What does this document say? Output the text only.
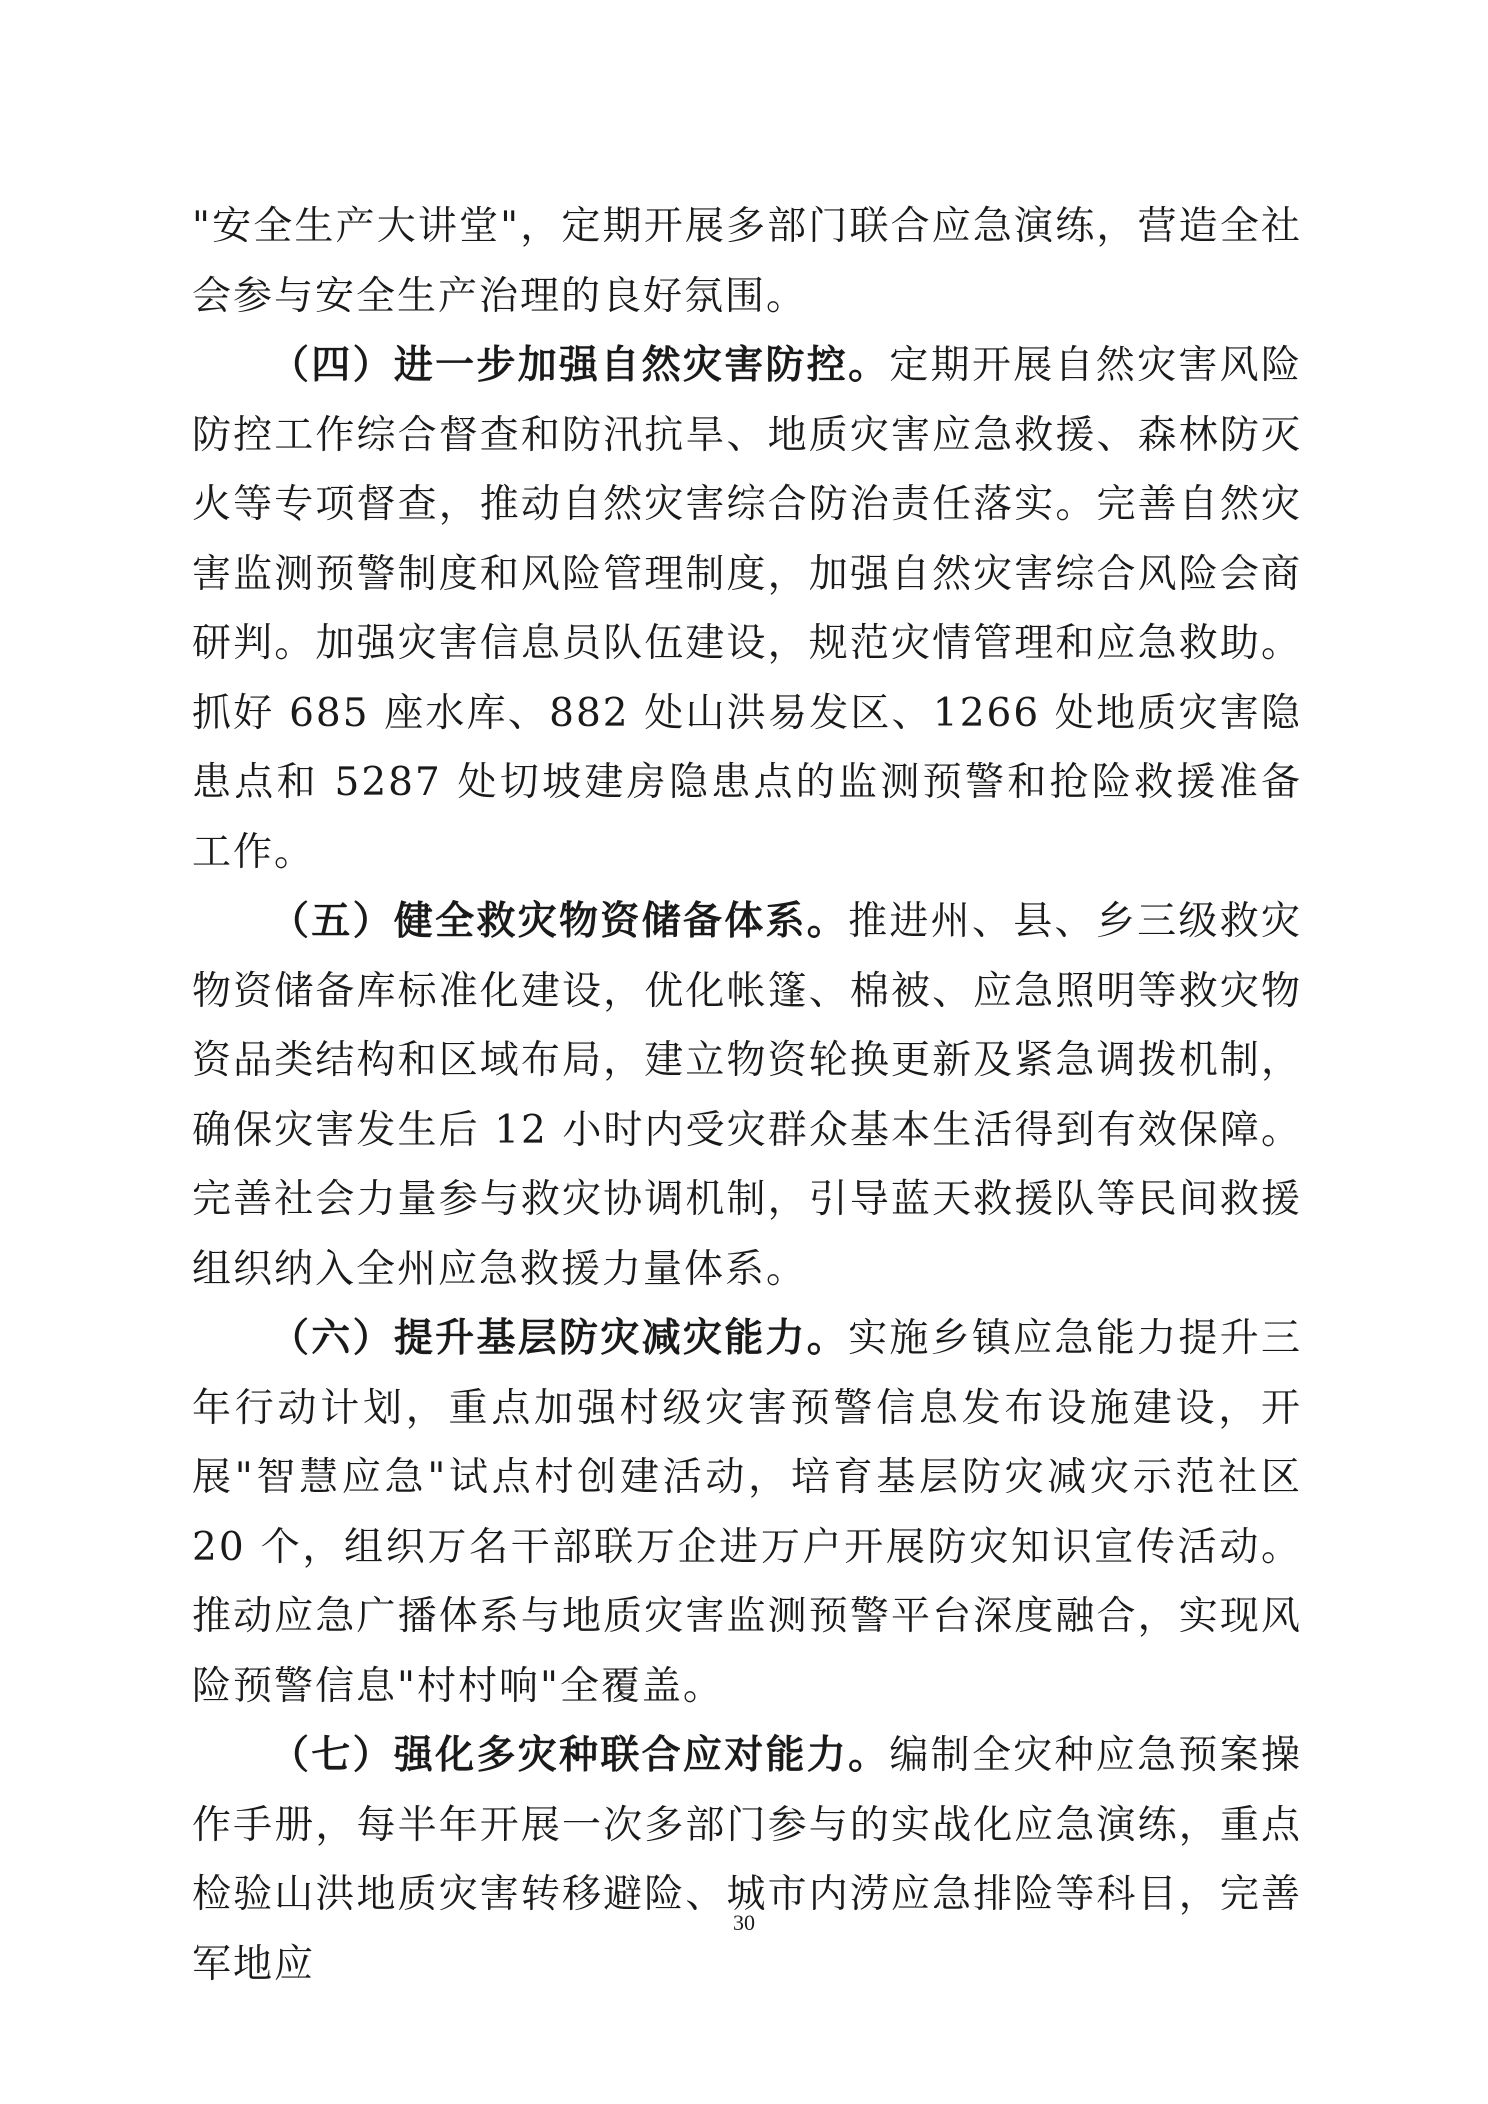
"安全生产大讲堂"，定期开展多部门联合应急演练，营造全社会参与安全生产治理的良好氛围。

（四）进一步加强自然灾害防控。定期开展自然灾害风险防控工作综合督查和防汛抗旱、地质灾害应急救援、森林防灭火等专项督查，推动自然灾害综合防治责任落实。完善自然灾害监测预警制度和风险管理制度，加强自然灾害综合风险会商研判。加强灾害信息员队伍建设，规范灾情管理和应急救助。抓好 685 座水库、882 处山洪易发区、1266 处地质灾害隐患点和 5287 处切坡建房隐患点的监测预警和抢险救援准备工作。

（五）健全救灾物资储备体系。推进州、县、乡三级救灾物资储备库标准化建设，优化帐篷、棉被、应急照明等救灾物资品类结构和区域布局，建立物资轮换更新及紧急调拨机制，确保灾害发生后 12 小时内受灾群众基本生活得到有效保障。完善社会力量参与救灾协调机制，引导蓝天救援队等民间救援组织纳入全州应急救援力量体系。

（六）提升基层防灾减灾能力。实施乡镇应急能力提升三年行动计划，重点加强村级灾害预警信息发布设施建设，开展"智慧应急"试点村创建活动，培育基层防灾减灾示范社区 20 个，组织万名干部联万企进万户开展防灾知识宣传活动。推动应急广播体系与地质灾害监测预警平台深度融合，实现风险预警信息"村村响"全覆盖。

（七）强化多灾种联合应对能力。编制全灾种应急预案操作手册，每半年开展一次多部门参与的实战化应急演练，重点检验山洪地质灾害转移避险、城市内涝应急排险等科目，完善军地应

30
